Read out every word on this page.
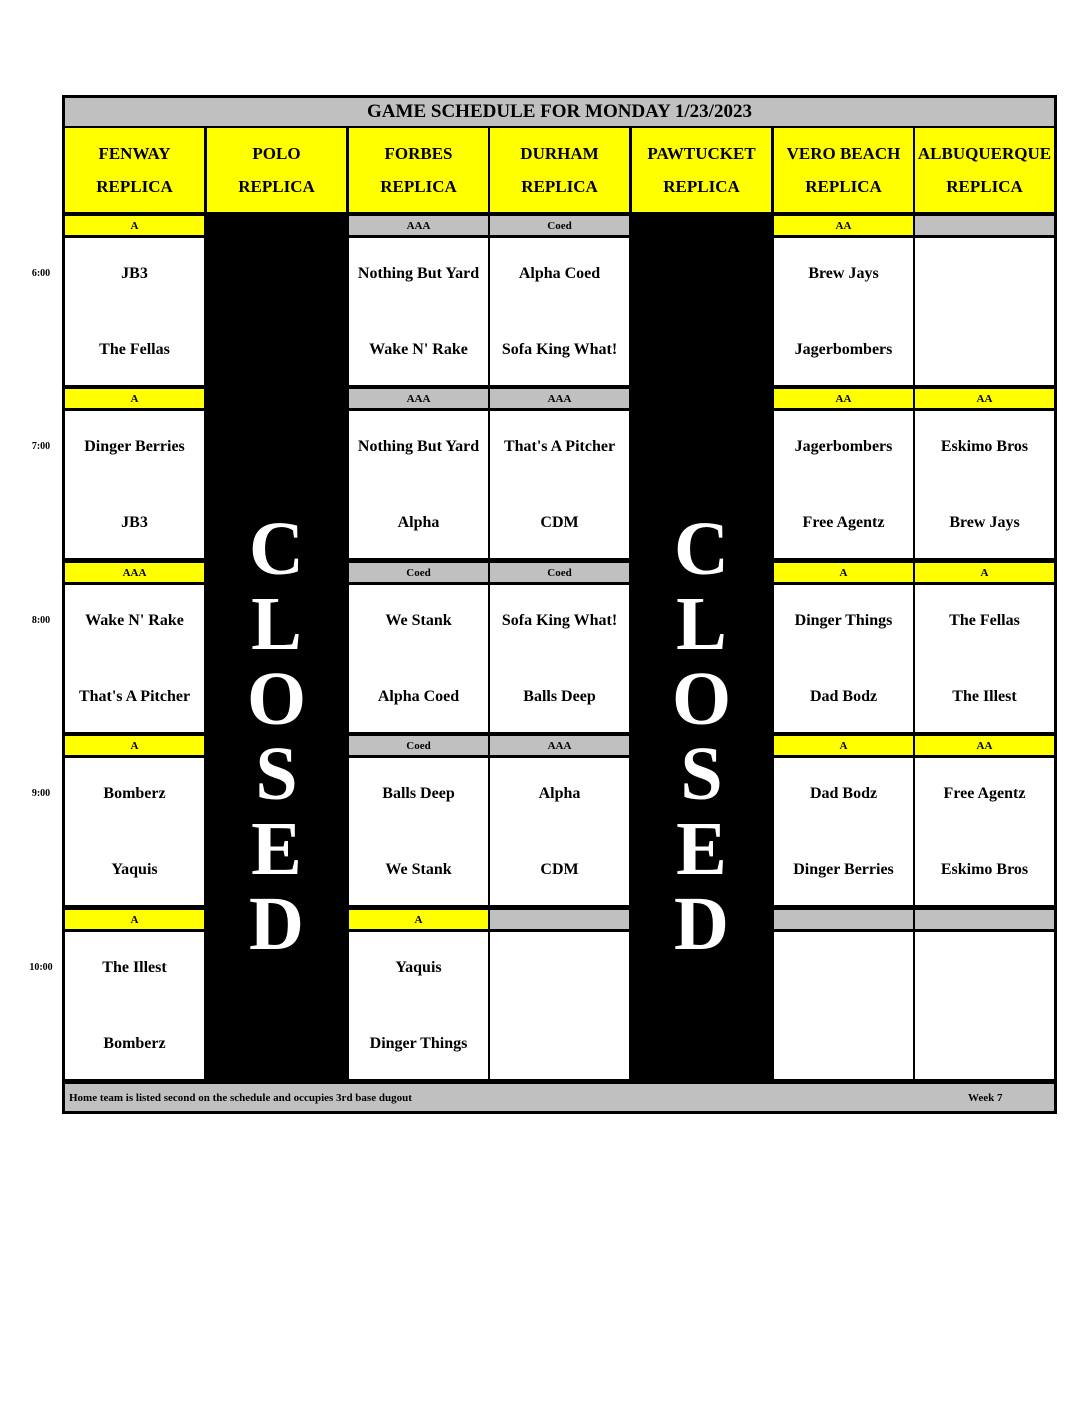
GAME SCHEDULE FOR MONDAY 1/23/2023
FENWAY
REPLICA
POLO
REPLICA
C
L
O
S
E
D
FORBES
REPLICA
DURHAM
REPLICA
PAWTUCKET
REPLICA
C
L
O
S
E
D
VERO BEACH
REPLICA
ALBUQUERQUE
REPLICA
A
JB3
The Fellas
AAA
Nothing But Yard
Wake N' Rake
Coed
Alpha Coed
Sofa King What!
AA
Brew Jays
Jagerbombers
A
Dinger Berries
JB3
AAA
Nothing But Yard
Alpha
AAA
That's A Pitcher
CDM
AA
Jagerbombers
Free Agentz
AA
Eskimo Bros
Brew Jays
AAA
Wake N' Rake
That's A Pitcher
Coed
We Stank
Alpha Coed
Coed
Sofa King What!
Balls Deep
A
Dinger Things
Dad Bodz
A
The Fellas
The Illest
A
Bomberz
Yaquis
Coed
Balls Deep
We Stank
AAA
Alpha
CDM
A
Dad Bodz
Dinger Berries
AA
Free Agentz
Eskimo Bros
A
The Illest
Bomberz
A
Yaquis
Dinger Things
Home team is listed second on the schedule and occupies 3rd base dugout	Week 7
6:00
7:00
8:00
9:00
10:00
